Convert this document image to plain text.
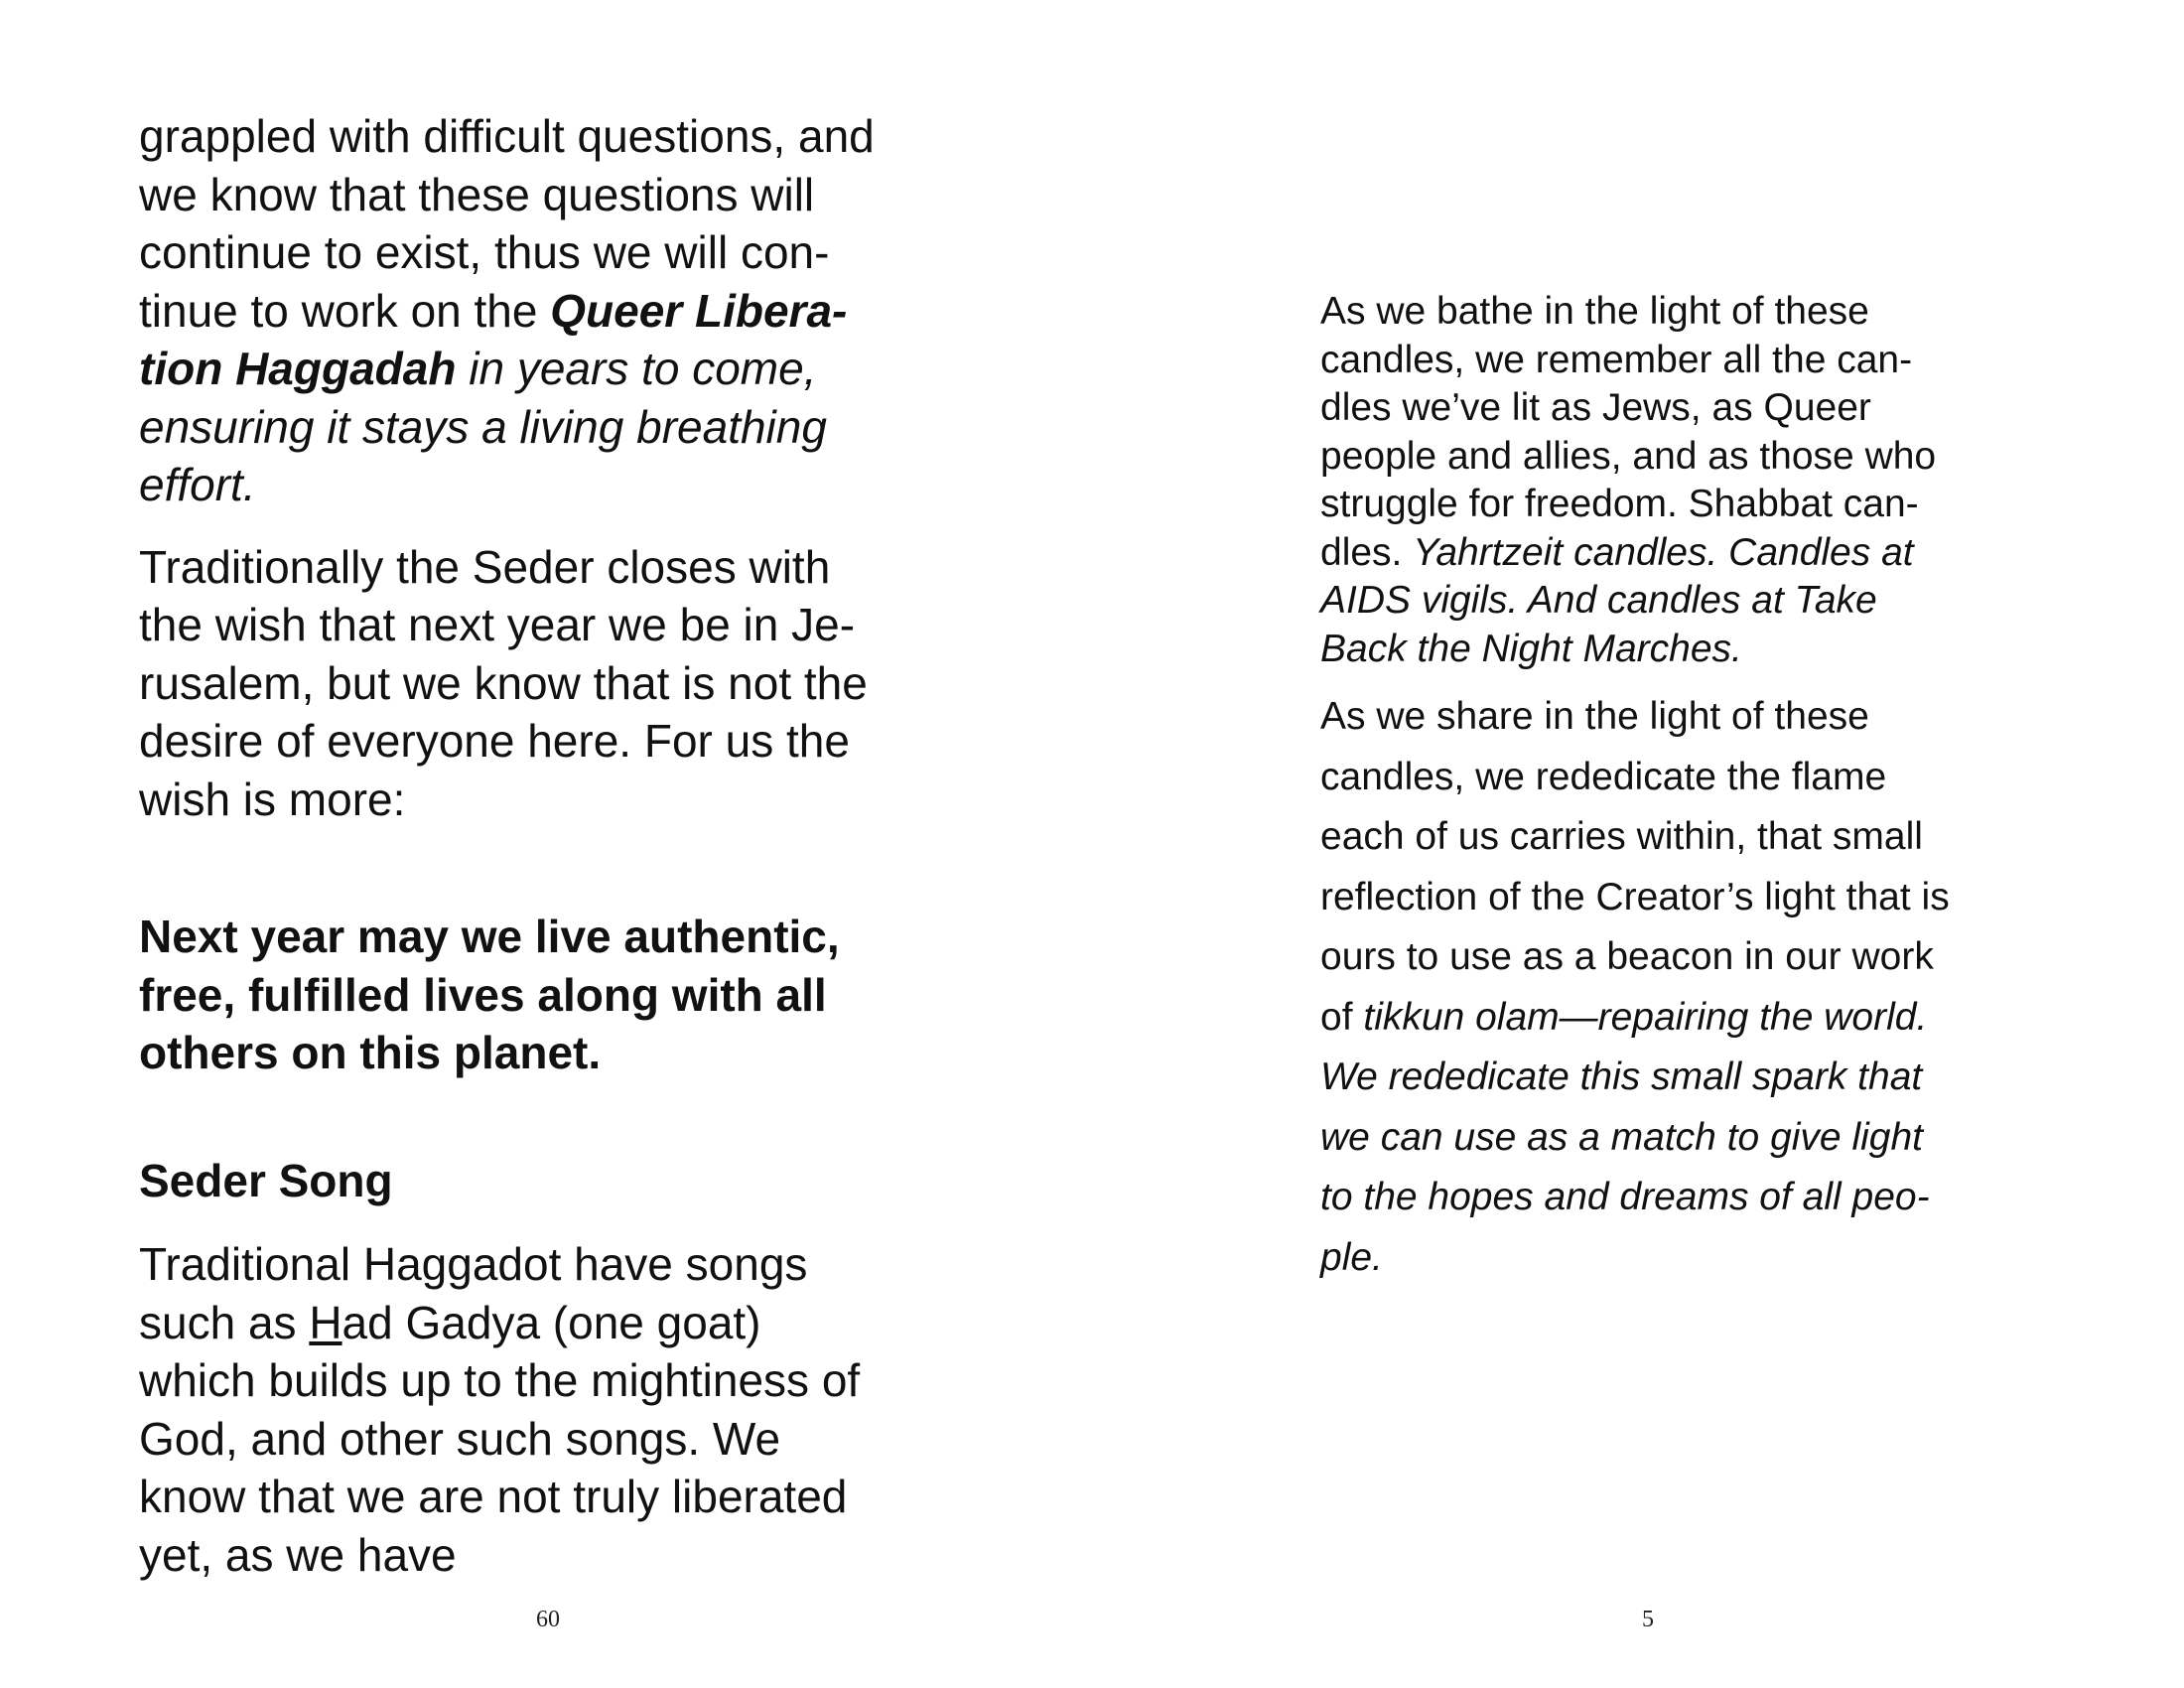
grappled with difficult questions, and
we know that these questions will
continue to exist, thus we will con-
tinue to work on the Queer Libera-
tion Haggadah in years to come,
ensuring it stays a living breathing
effort.

Traditionally the Seder closes with
the wish that next year we be in Je-
rusalem, but we know that is not the
desire of everyone here. For us the
wish is more:

Next year may we live authentic,
free, fulfilled lives along with all
others on this planet.

Seder Song

Traditional Haggadot have songs
such as Had Gadya (one goat)
which builds up to the mightiness of
God, and other such songs. We
know that we are not truly liberated
yet, as we have

60

As we bathe in the light of these
candles, we remember all the can-
dles we’ve lit as Jews, as Queer
people and allies, and as those who
struggle for freedom. Shabbat can-
dles. Yahrtzeit candles. Candles at
AIDS vigils. And candles at Take
Back the Night Marches.

As we share in the light of these
candles, we rededicate the flame
each of us carries within, that small
reflection of the Creator’s light that is
ours to use as a beacon in our work
of tikkun olam—repairing the world.
We rededicate this small spark that
we can use as a match to give light
to the hopes and dreams of all peo-
ple.

5
